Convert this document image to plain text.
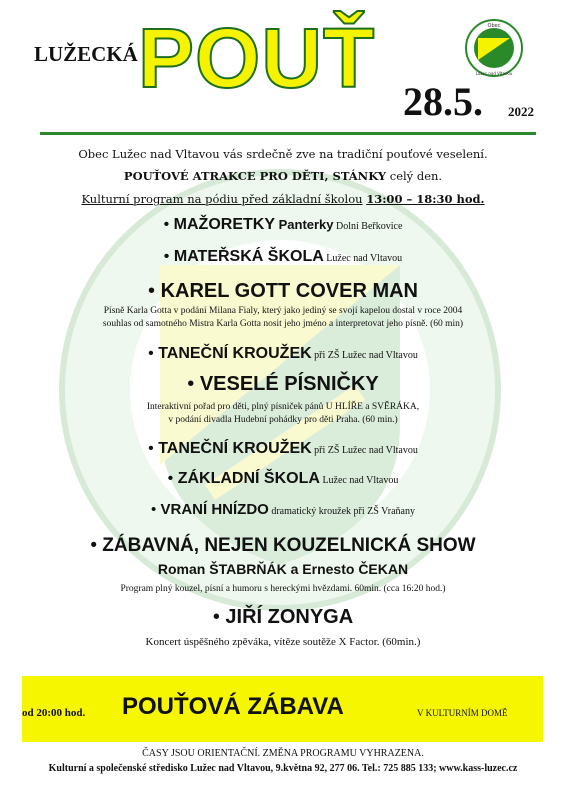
LUŽECKÁ POUŤ 28.5. 2022
Obec
Lužec nad Vltavou
Obec Lužec nad Vltavou vás srdečně zve na tradiční pouťové veselení.
POUŤOVÉ ATRAKCE PRO DĚTI, STÁNKY celý den.
Kulturní program na pódiu před základní školou 13:00 – 18:30 hod.
• MAŽORETKY Panterky Dolní Beřkovice
• MATEŘSKÁ ŠKOLA Lužec nad Vltavou
• KAREL GOTT COVER MAN
Písně Karla Gotta v podání Milana Fialy, který jako jediný se svojí kapelou dostal v roce 2004
souhlas od samotného Mistra Karla Gotta nosit jeho jméno a interpretovat jeho písně. (60 min)
• TANEČNÍ KROUŽEK při ZŠ Lužec nad Vltavou
• VESELÉ PÍSNIČKY
Interaktivní pořad pro děti, plný písniček pánů U HLÍŘE a SVĚRÁKA,
v podání divadla Hudební pohádky pro děti Praha. (60 min.)
• TANEČNÍ KROUŽEK při ZŠ Lužec nad Vltavou
• ZÁKLADNÍ ŠKOLA Lužec nad Vltavou
• VRANÍ HNÍZDO dramatický kroužek při ZŠ Vraňany
• ZÁBAVNÁ, NEJEN KOUZELNICKÁ SHOW
Roman ŠTABRŇÁK a Ernesto ČEKAN
Program plný kouzel, písní a humoru s hereckými hvězdami. 60min. (cca 16:20 hod.)
• JIŘÍ ZONYGA
Koncert úspěšného zpěváka, vítěze soutěže X Factor. (60min.)
od 20:00 hod. POUŤOVÁ ZÁBAVA	V KULTURNÍM DOMĚ
ČASY JSOU ORIENTAČNÍ. ZMĚNA PROGRAMU VYHRAZENA.
Kulturní a společenské středisko Lužec nad Vltavou, 9.května 92, 277 06. Tel.: 725 885 133; www.kass-luzec.cz
